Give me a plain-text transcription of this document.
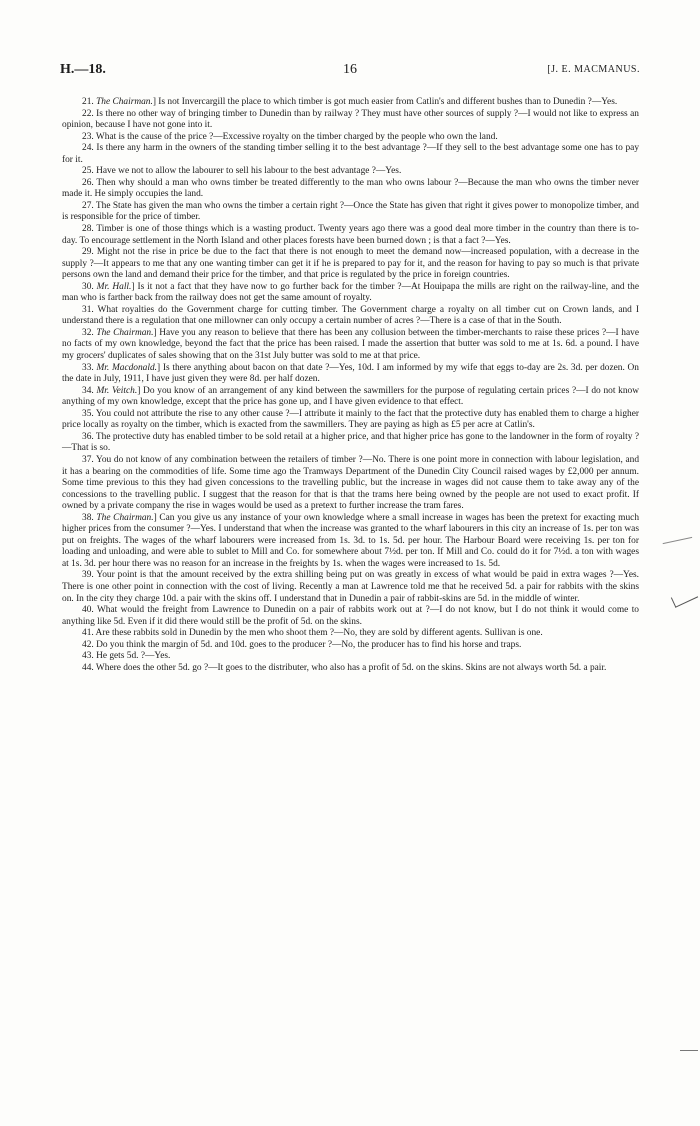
16
H.—18.	[J. E. MACMANUS.

21. The Chairman.] Is not Invercargill the place to which timber is got much easier from Catlin's and different bushes than to Dunedin ?—Yes.

22. Is there no other way of bringing timber to Dunedin than by railway ? They must have other sources of supply ?—I would not like to express an opinion, because I have not gone into it.

23. What is the cause of the price ?—Excessive royalty on the timber charged by the people who own the land.

24. Is there any harm in the owners of the standing timber selling it to the best advantage ?—If they sell to the best advantage some one has to pay for it.

25. Have we not to allow the labourer to sell his labour to the best advantage ?—Yes.

26. Then why should a man who owns timber be treated differently to the man who owns labour ?—Because the man who owns the timber never made it. He simply occupies the land.

27. The State has given the man who owns the timber a certain right ?—Once the State has given that right it gives power to monopolize timber, and is responsible for the price of timber.

28. Timber is one of those things which is a wasting product. Twenty years ago there was a good deal more timber in the country than there is to-day. To encourage settlement in the North Island and other places forests have been burned down ; is that a fact ?—Yes.

29. Might not the rise in price be due to the fact that there is not enough to meet the demand now—increased population, with a decrease in the supply ?—It appears to me that any one wanting timber can get it if he is prepared to pay for it, and the reason for having to pay so much is that private persons own the land and demand their price for the timber, and that price is regulated by the price in foreign countries.

30. Mr. Hall.] Is it not a fact that they have now to go further back for the timber ?—At Houipapa the mills are right on the railway-line, and the man who is farther back from the railway does not get the same amount of royalty.

31. What royalties do the Government charge for cutting timber. The Government charge a royalty on all timber cut on Crown lands, and I understand there is a regulation that one millowner can only occupy a certain number of acres ?—There is a case of that in the South.

32. The Chairman.] Have you any reason to believe that there has been any collusion between the timber-merchants to raise these prices ?—I have no facts of my own knowledge, beyond the fact that the price has been raised. I made the assertion that butter was sold to me at 1s. 6d. a pound. I have my grocers' duplicates of sales showing that on the 31st July butter was sold to me at that price.

33. Mr. Macdonald.] Is there anything about bacon on that date ?—Yes, 10d. I am informed by my wife that eggs to-day are 2s. 3d. per dozen. On the date in July, 1911, I have just given they were 8d. per half dozen.

34. Mr. Veitch.] Do you know of an arrangement of any kind between the sawmillers for the purpose of regulating certain prices ?—I do not know anything of my own knowledge, except that the price has gone up, and I have given evidence to that effect.

35. You could not attribute the rise to any other cause ?—I attribute it mainly to the fact that the protective duty has enabled them to charge a higher price locally as royalty on the timber, which is exacted from the sawmillers. They are paying as high as £5 per acre at Catlin's.

36. The protective duty has enabled timber to be sold retail at a higher price, and that higher price has gone to the landowner in the form of royalty ?—That is so.

37. You do not know of any combination between the retailers of timber ?—No. There is one point more in connection with labour legislation, and it has a bearing on the commodities of life. Some time ago the Tramways Department of the Dunedin City Council raised wages by £2,000 per annum. Some time previous to this they had given concessions to the travelling public, but the increase in wages did not cause them to take away any of the concessions to the travelling public. I suggest that the reason for that is that the trams here being owned by the people are not used to exact profit. If owned by a private company the rise in wages would be used as a pretext to further increase the tram fares.

38. The Chairman.] Can you give us any instance of your own knowledge where a small increase in wages has been the pretext for exacting much higher prices from the consumer ?—Yes. I understand that when the increase was granted to the wharf labourers in this city an increase of 1s. per ton was put on freights. The wages of the wharf labourers were increased from 1s. 3d. to 1s. 5d. per hour. The Harbour Board were receiving 1s. per ton for loading and unloading, and were able to sublet to Mill and Co. for somewhere about 7½d. per ton. If Mill and Co. could do it for 7½d. a ton with wages at 1s. 3d. per hour there was no reason for an increase in the freights by 1s. when the wages were increased to 1s. 5d.

39. Your point is that the amount received by the extra shilling being put on was greatly in excess of what would be paid in extra wages ?—Yes. There is one other point in connection with the cost of living. Recently a man at Lawrence told me that he received 5d. a pair for rabbits with the skins on. In the city they charge 10d. a pair with the skins off. I understand that in Dunedin a pair of rabbit-skins are 5d. in the middle of winter.

40. What would the freight from Lawrence to Dunedin on a pair of rabbits work out at ?—I do not know, but I do not think it would come to anything like 5d. Even if it did there would still be the profit of 5d. on the skins.

41. Are these rabbits sold in Dunedin by the men who shoot them ?—No, they are sold by different agents. Sullivan is one.

42. Do you think the margin of 5d. and 10d. goes to the producer ?—No, the producer has to find his horse and traps.

43. He gets 5d. ?—Yes.

44. Where does the other 5d. go ?—It goes to the distributer, who also has a profit of 5d. on the skins. Skins are not always worth 5d. a pair.
